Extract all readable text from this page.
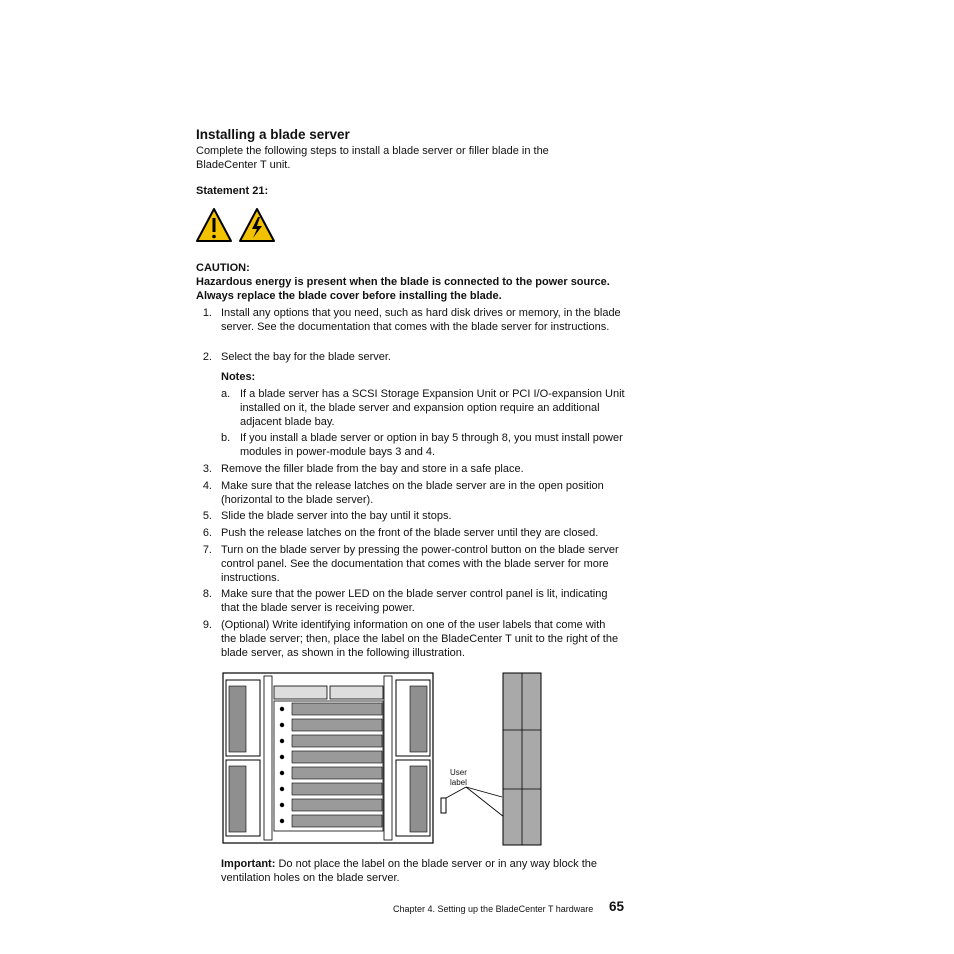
Installing a blade server
Complete the following steps to install a blade server or filler blade in the BladeCenter T unit.
Statement 21:
CAUTION:
Hazardous energy is present when the blade is connected to the power source. Always replace the blade cover before installing the blade.
1. Install any options that you need, such as hard disk drives or memory, in the blade server. See the documentation that comes with the blade server for instructions.
2. Select the bay for the blade server.
Notes:
a. If a blade server has a SCSI Storage Expansion Unit or PCI I/O-expansion Unit installed on it, the blade server and expansion option require an additional adjacent blade bay.
b. If you install a blade server or option in bay 5 through 8, you must install power modules in power-module bays 3 and 4.
3. Remove the filler blade from the bay and store in a safe place.
4. Make sure that the release latches on the blade server are in the open position (horizontal to the blade server).
5. Slide the blade server into the bay until it stops.
6. Push the release latches on the front of the blade server until they are closed.
7. Turn on the blade server by pressing the power-control button on the blade server control panel. See the documentation that comes with the blade server for more instructions.
8. Make sure that the power LED on the blade server control panel is lit, indicating that the blade server is receiving power.
9. (Optional) Write identifying information on one of the user labels that come with the blade server; then, place the label on the BladeCenter T unit to the right of the blade server, as shown in the following illustration.
User label
Important: Do not place the label on the blade server or in any way block the ventilation holes on the blade server.
Chapter 4. Setting up the BladeCenter T hardware 65
